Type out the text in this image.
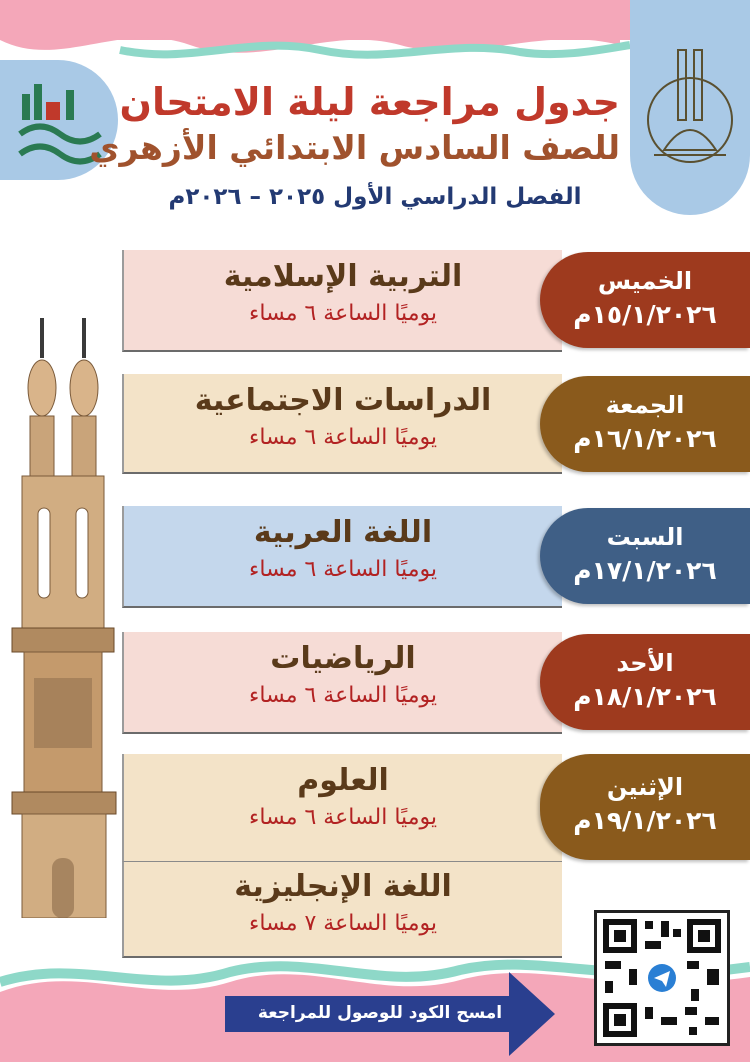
جدول مراجعة ليلة الامتحان
للصف السادس الابتدائي الأزهري
الفصل الدراسي الأول ٢٠٢٥ – ٢٠٢٦م
التربية الإسلامية
يوميًا الساعة ٦ مساء
الخميس
١٥/١/٢٠٢٦م
الدراسات الاجتماعية
يوميًا الساعة ٦ مساء
الجمعة
١٦/١/٢٠٢٦م
اللغة العربية
يوميًا الساعة ٦ مساء
السبت
١٧/١/٢٠٢٦م
الرياضيات
يوميًا الساعة ٦ مساء
الأحد
١٨/١/٢٠٢٦م
العلوم
يوميًا الساعة ٦ مساء
اللغة الإنجليزية
يوميًا الساعة ٧ مساء
الإثنين
١٩/١/٢٠٢٦م
امسح الكود للوصول للمراجعة
